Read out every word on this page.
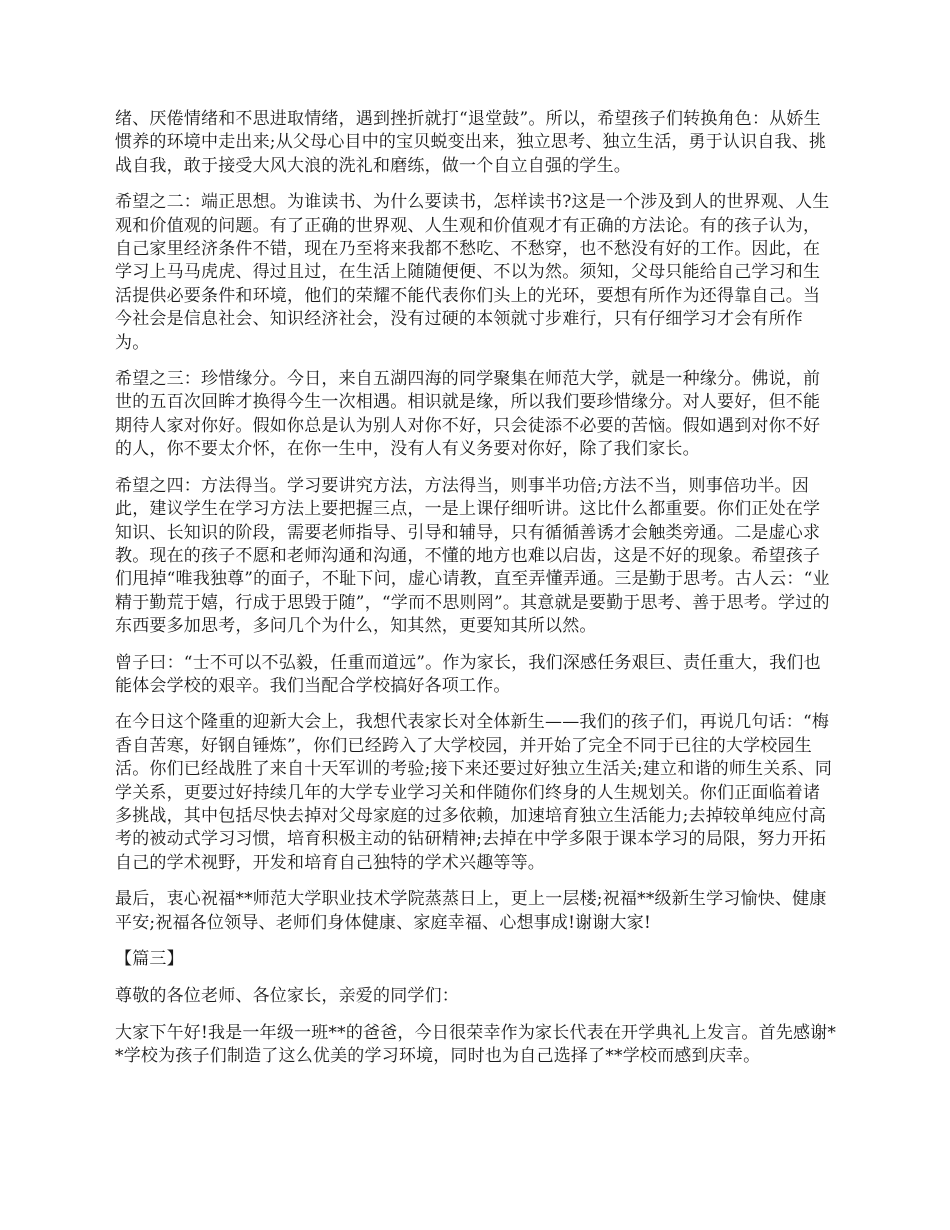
绪、厌倦情绪和不思进取情绪，遇到挫折就打“退堂鼓”。所以，希望孩子们转换角色：从娇生惯养的环境中走出来;从父母心目中的宝贝蜕变出来，独立思考、独立生活，勇于认识自我、挑战自我，敢于接受大风大浪的洗礼和磨练，做一个自立自强的学生。

希望之二：端正思想。为谁读书、为什么要读书，怎样读书?这是一个涉及到人的世界观、人生观和价值观的问题。有了正确的世界观、人生观和价值观才有正确的方法论。有的孩子认为，自己家里经济条件不错，现在乃至将来我都不愁吃、不愁穿，也不愁没有好的工作。因此，在学习上马马虎虎、得过且过，在生活上随随便便、不以为然。须知，父母只能给自己学习和生活提供必要条件和环境，他们的荣耀不能代表你们头上的光环，要想有所作为还得靠自己。当今社会是信息社会、知识经济社会，没有过硬的本领就寸步难行，只有仔细学习才会有所作为。

希望之三：珍惜缘分。今日，来自五湖四海的同学聚集在师范大学，就是一种缘分。佛说，前世的五百次回眸才换得今生一次相遇。相识就是缘，所以我们要珍惜缘分。对人要好，但不能期待人家对你好。假如你总是认为别人对你不好，只会徒添不必要的苦恼。假如遇到对你不好的人，你不要太介怀，在你一生中，没有人有义务要对你好，除了我们家长。

希望之四：方法得当。学习要讲究方法，方法得当，则事半功倍;方法不当，则事倍功半。因此，建议学生在学习方法上要把握三点，一是上课仔细听讲。这比什么都重要。你们正处在学知识、长知识的阶段，需要老师指导、引导和辅导，只有循循善诱才会触类旁通。二是虚心求教。现在的孩子不愿和老师沟通和沟通，不懂的地方也难以启齿，这是不好的现象。希望孩子们甩掉“唯我独尊”的面子，不耻下问，虚心请教，直至弄懂弄通。三是勤于思考。古人云：“业精于勤荒于嬉，行成于思毁于随”，“学而不思则罔”。其意就是要勤于思考、善于思考。学过的东西要多加思考，多问几个为什么，知其然，更要知其所以然。

曾子曰：“士不可以不弘毅，任重而道远”。作为家长，我们深感任务艰巨、责任重大，我们也能体会学校的艰辛。我们当配合学校搞好各项工作。

在今日这个隆重的迎新大会上，我想代表家长对全体新生——我们的孩子们，再说几句话：“梅香自苦寒，好钢自锤炼”，你们已经跨入了大学校园，并开始了完全不同于已往的大学校园生活。你们已经战胜了来自十天军训的考验;接下来还要过好独立生活关;建立和谐的师生关系、同学关系，更要过好持续几年的大学专业学习关和伴随你们终身的人生规划关。你们正面临着诸多挑战，其中包括尽快去掉对父母家庭的过多依赖，加速培育独立生活能力;去掉较单纯应付高考的被动式学习习惯，培育积极主动的钻研精神;去掉在中学多限于课本学习的局限，努力开拓自己的学术视野，开发和培育自己独特的学术兴趣等等。

最后，衷心祝福**师范大学职业技术学院蒸蒸日上，更上一层楼;祝福**级新生学习愉快、健康平安;祝福各位领导、老师们身体健康、家庭幸福、心想事成!谢谢大家!

【篇三】

尊敬的各位老师、各位家长，亲爱的同学们：

大家下午好!我是一年级一班**的爸爸，今日很荣幸作为家长代表在开学典礼上发言。首先感谢**学校为孩子们制造了这么优美的学习环境，同时也为自己选择了**学校而感到庆幸。
